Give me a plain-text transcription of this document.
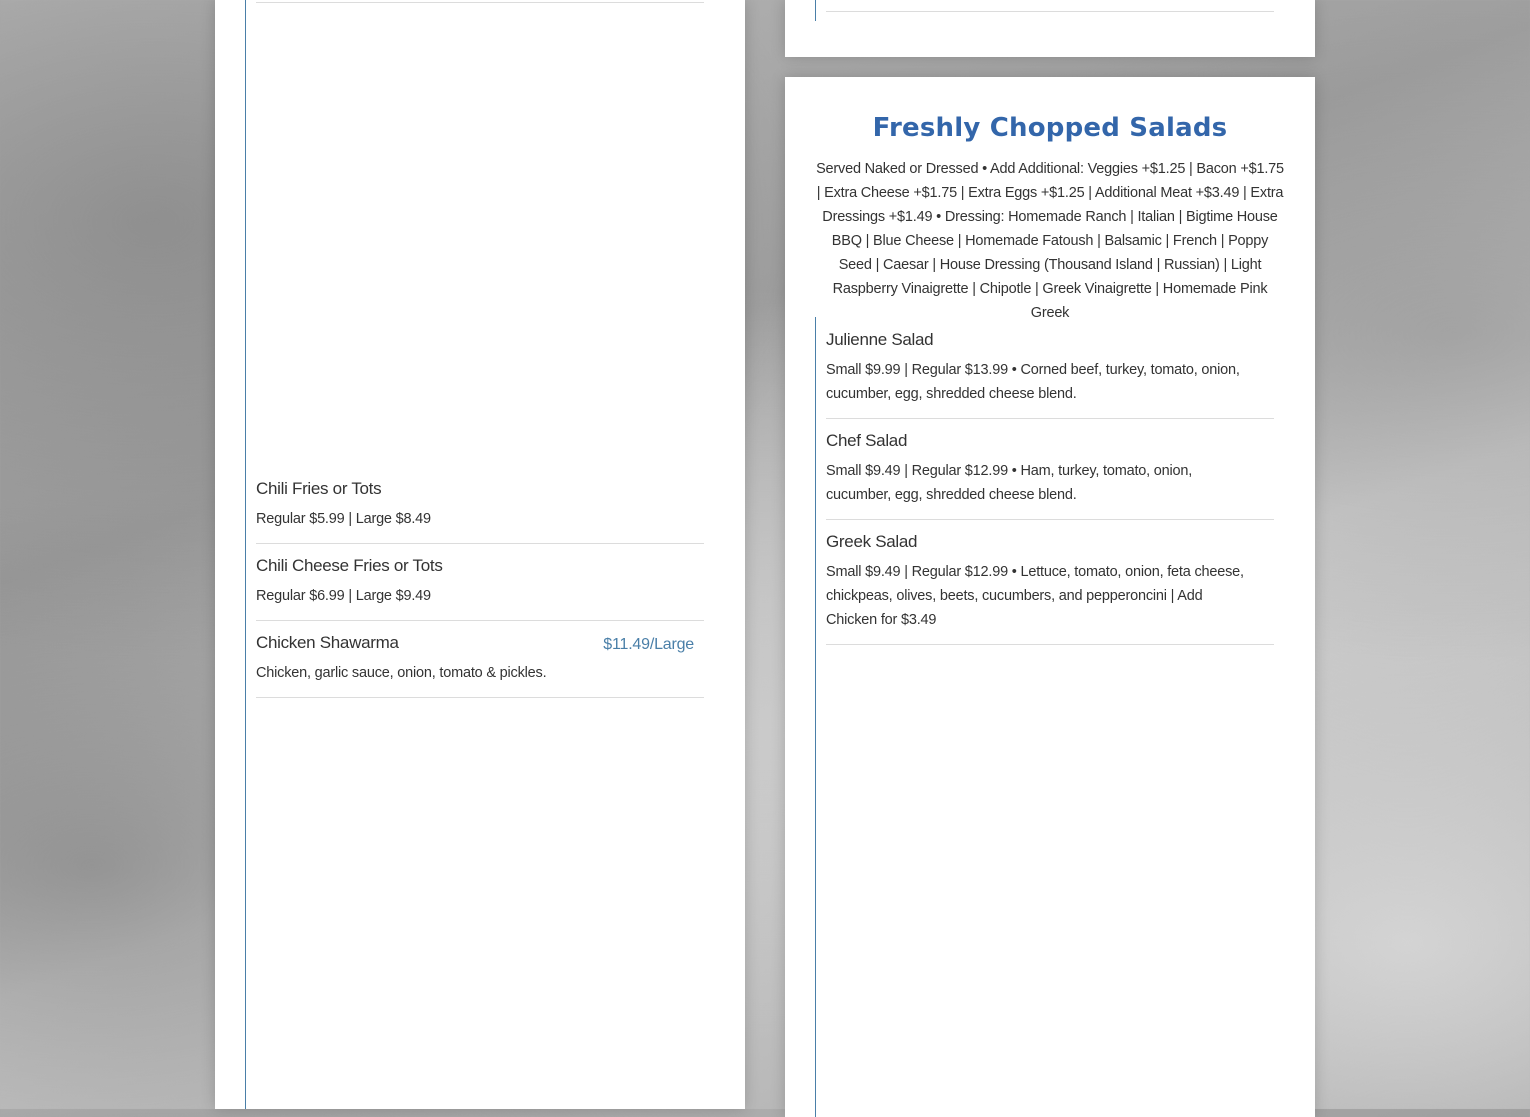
Chili Fries or Tots
Regular $5.99 | Large $8.49
Chili Cheese Fries or Tots
Regular $6.99 | Large $9.49
Chicken Shawarma
Chicken, garlic sauce, onion, tomato & pickles.
$11.49/Large
Freshly Chopped Salads

Served Naked or Dressed • Add Additional: Veggies +$1.25 | Bacon +$1.75 | Extra Cheese +$1.75 | Extra Eggs +$1.25 | Additional Meat +$3.49 | Extra Dressings +$1.49 • Dressing: Homemade Ranch | Italian | Bigtime House BBQ | Blue Cheese | Homemade Fatoush | Balsamic | French | Poppy Seed | Caesar | House Dressing (Thousand Island | Russian) | Light Raspberry Vinaigrette | Chipotle | Greek Vinaigrette | Homemade Pink Greek

Julienne Salad
Small $9.99 | Regular $13.99 • Corned beef, turkey, tomato, onion, cucumber, egg, shredded cheese blend.
Chef Salad
Small $9.49 | Regular $12.99 • Ham, turkey, tomato, onion, cucumber, egg, shredded cheese blend.
Greek Salad
Small $9.49 | Regular $12.99 • Lettuce, tomato, onion, feta cheese, chickpeas, olives, beets, cucumbers, and pepperoncini | Add Chicken for $3.49
